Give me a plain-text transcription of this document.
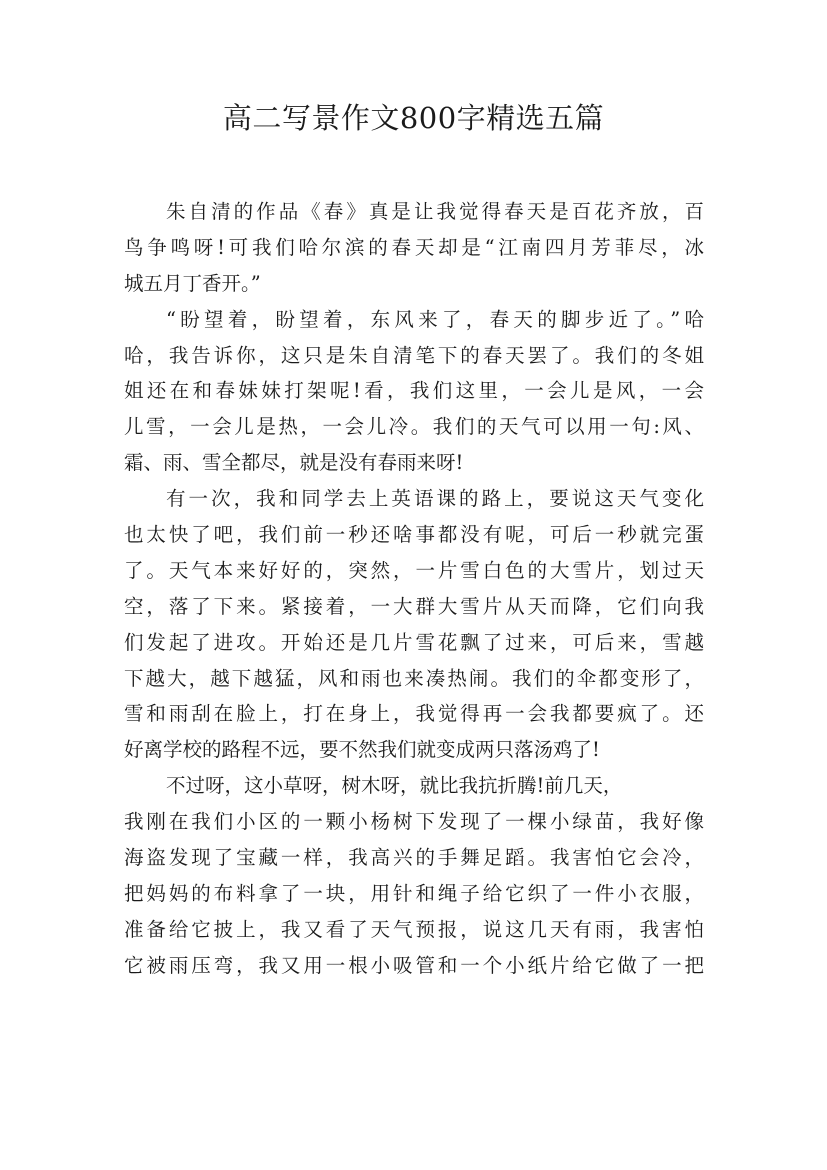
高二写景作文800字精选五篇
朱自清的作品《春》真是让我觉得春天是百花齐放，百
鸟争鸣呀!可我们哈尔滨的春天却是“江南四月芳菲尽，冰
城五月丁香开。”
“盼望着，盼望着，东风来了，春天的脚步近了。”哈
哈，我告诉你，这只是朱自清笔下的春天罢了。我们的冬姐
姐还在和春妹妹打架呢!看，我们这里，一会儿是风，一会
儿雪，一会儿是热，一会儿冷。我们的天气可以用一句:风、
霜、雨、雪全都尽，就是没有春雨来呀!
有一次，我和同学去上英语课的路上，要说这天气变化
也太快了吧，我们前一秒还啥事都没有呢，可后一秒就完蛋
了。天气本来好好的，突然，一片雪白色的大雪片，划过天
空，落了下来。紧接着，一大群大雪片从天而降，它们向我
们发起了进攻。开始还是几片雪花飘了过来，可后来，雪越
下越大，越下越猛，风和雨也来凑热闹。我们的伞都变形了，
雪和雨刮在脸上，打在身上，我觉得再一会我都要疯了。还
好离学校的路程不远，要不然我们就变成两只落汤鸡了!
不过呀，这小草呀，树木呀，就比我抗折腾!前几天，
我刚在我们小区的一颗小杨树下发现了一棵小绿苗，我好像
海盗发现了宝藏一样，我高兴的手舞足蹈。我害怕它会冷，
把妈妈的布料拿了一块，用针和绳子给它织了一件小衣服，
准备给它披上，我又看了天气预报，说这几天有雨，我害怕
它被雨压弯，我又用一根小吸管和一个小纸片给它做了一把
